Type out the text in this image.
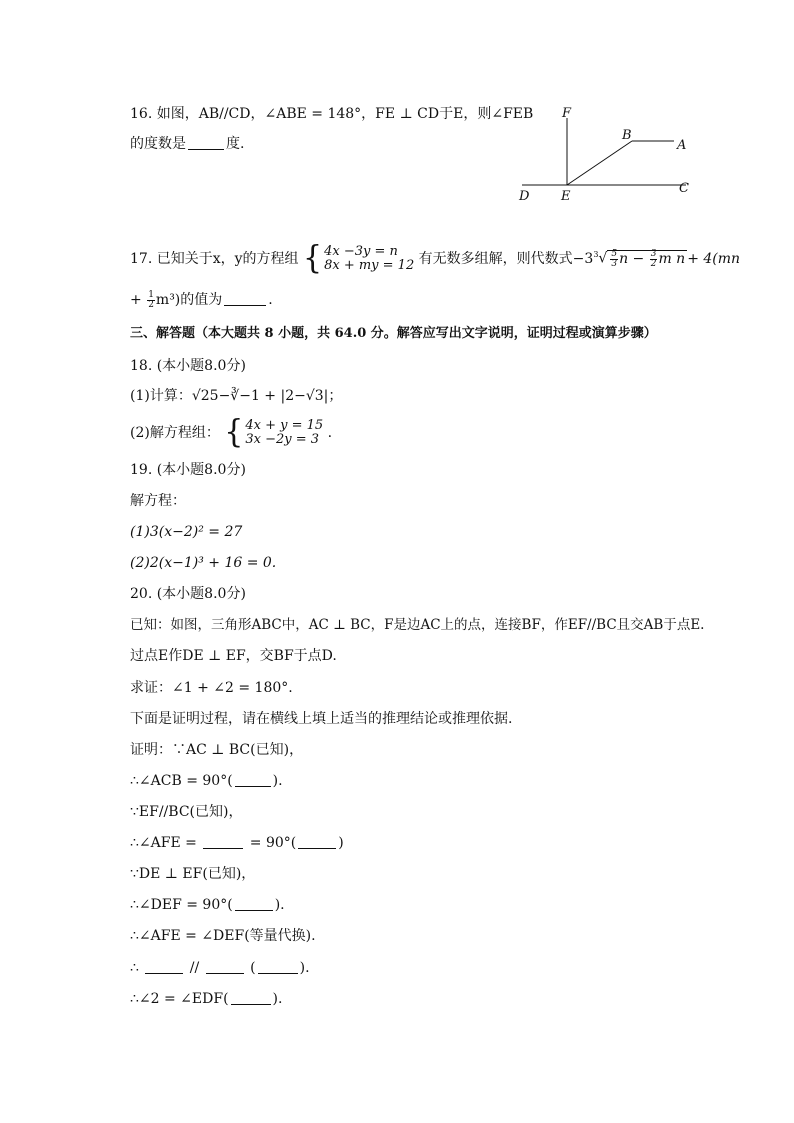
16. 如图，AB//CD，∠ABE = 148°，FE ⊥ CD于E，则∠FEB
的度数是	度.
F
B
A
D E
C
17. 已知关于x，y的方程组 { 4x −3y = n
8x + my = 12 有无数多组解，则代数式$-3^3√ \frac{5}{3}$ $n - \frac{3}{2}$ m n + 4(mn
+ $\frac{1}{2} m^3$)的值为	.
三、解答题（本大题共 8 小题，共 64.0 分。解答应写出文字说明，证明过程或演算步骤）
18. (本小题8.0分)
(1)计算：√25−∛−1 + |2−√3|；
(2)解方程组： { 4x + y = 15
3x −2y = 3 .
19. (本小题8.0分)
解方程：
(1)3(x−2)² = 27
(2)2(x−1)³ + 16 = 0.
20. (本小题8.0分)
已知：如图，三角形ABC中，AC ⊥ BC，F是边AC上的点，连接BF，作EF//BC且交AB于点E.
过点E作DE ⊥ EF，交BF于点D.
求证：∠1 + ∠2 = 180°.
下面是证明过程，请在横线上填上适当的推理结论或推理依据.
证明：∵AC ⊥ BC(已知)，
∴∠ACB = 90°(	).
∵EF//BC(已知)，
∴∠AFE =	= 90°(	)
∵DE ⊥ EF(已知)，
∴∠DEF = 90°(	).
∴∠AFE = ∠DEF(等量代换).
∴	//	(	).
∴∠2 = ∠EDF(	).
